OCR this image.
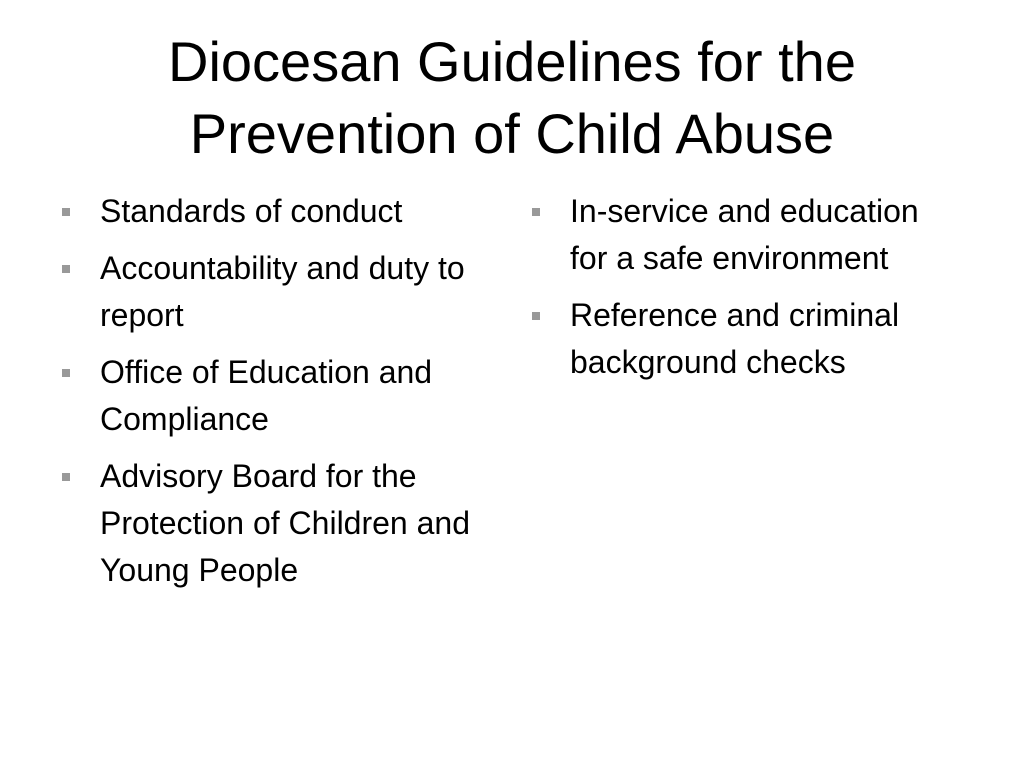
Diocesan Guidelines for the
Prevention of Child Abuse
Standards of conduct
Accountability and duty to report
Office of Education and Compliance
Advisory Board for the Protection of Children and Young People
In-service and education for a safe environment
Reference and criminal background checks
